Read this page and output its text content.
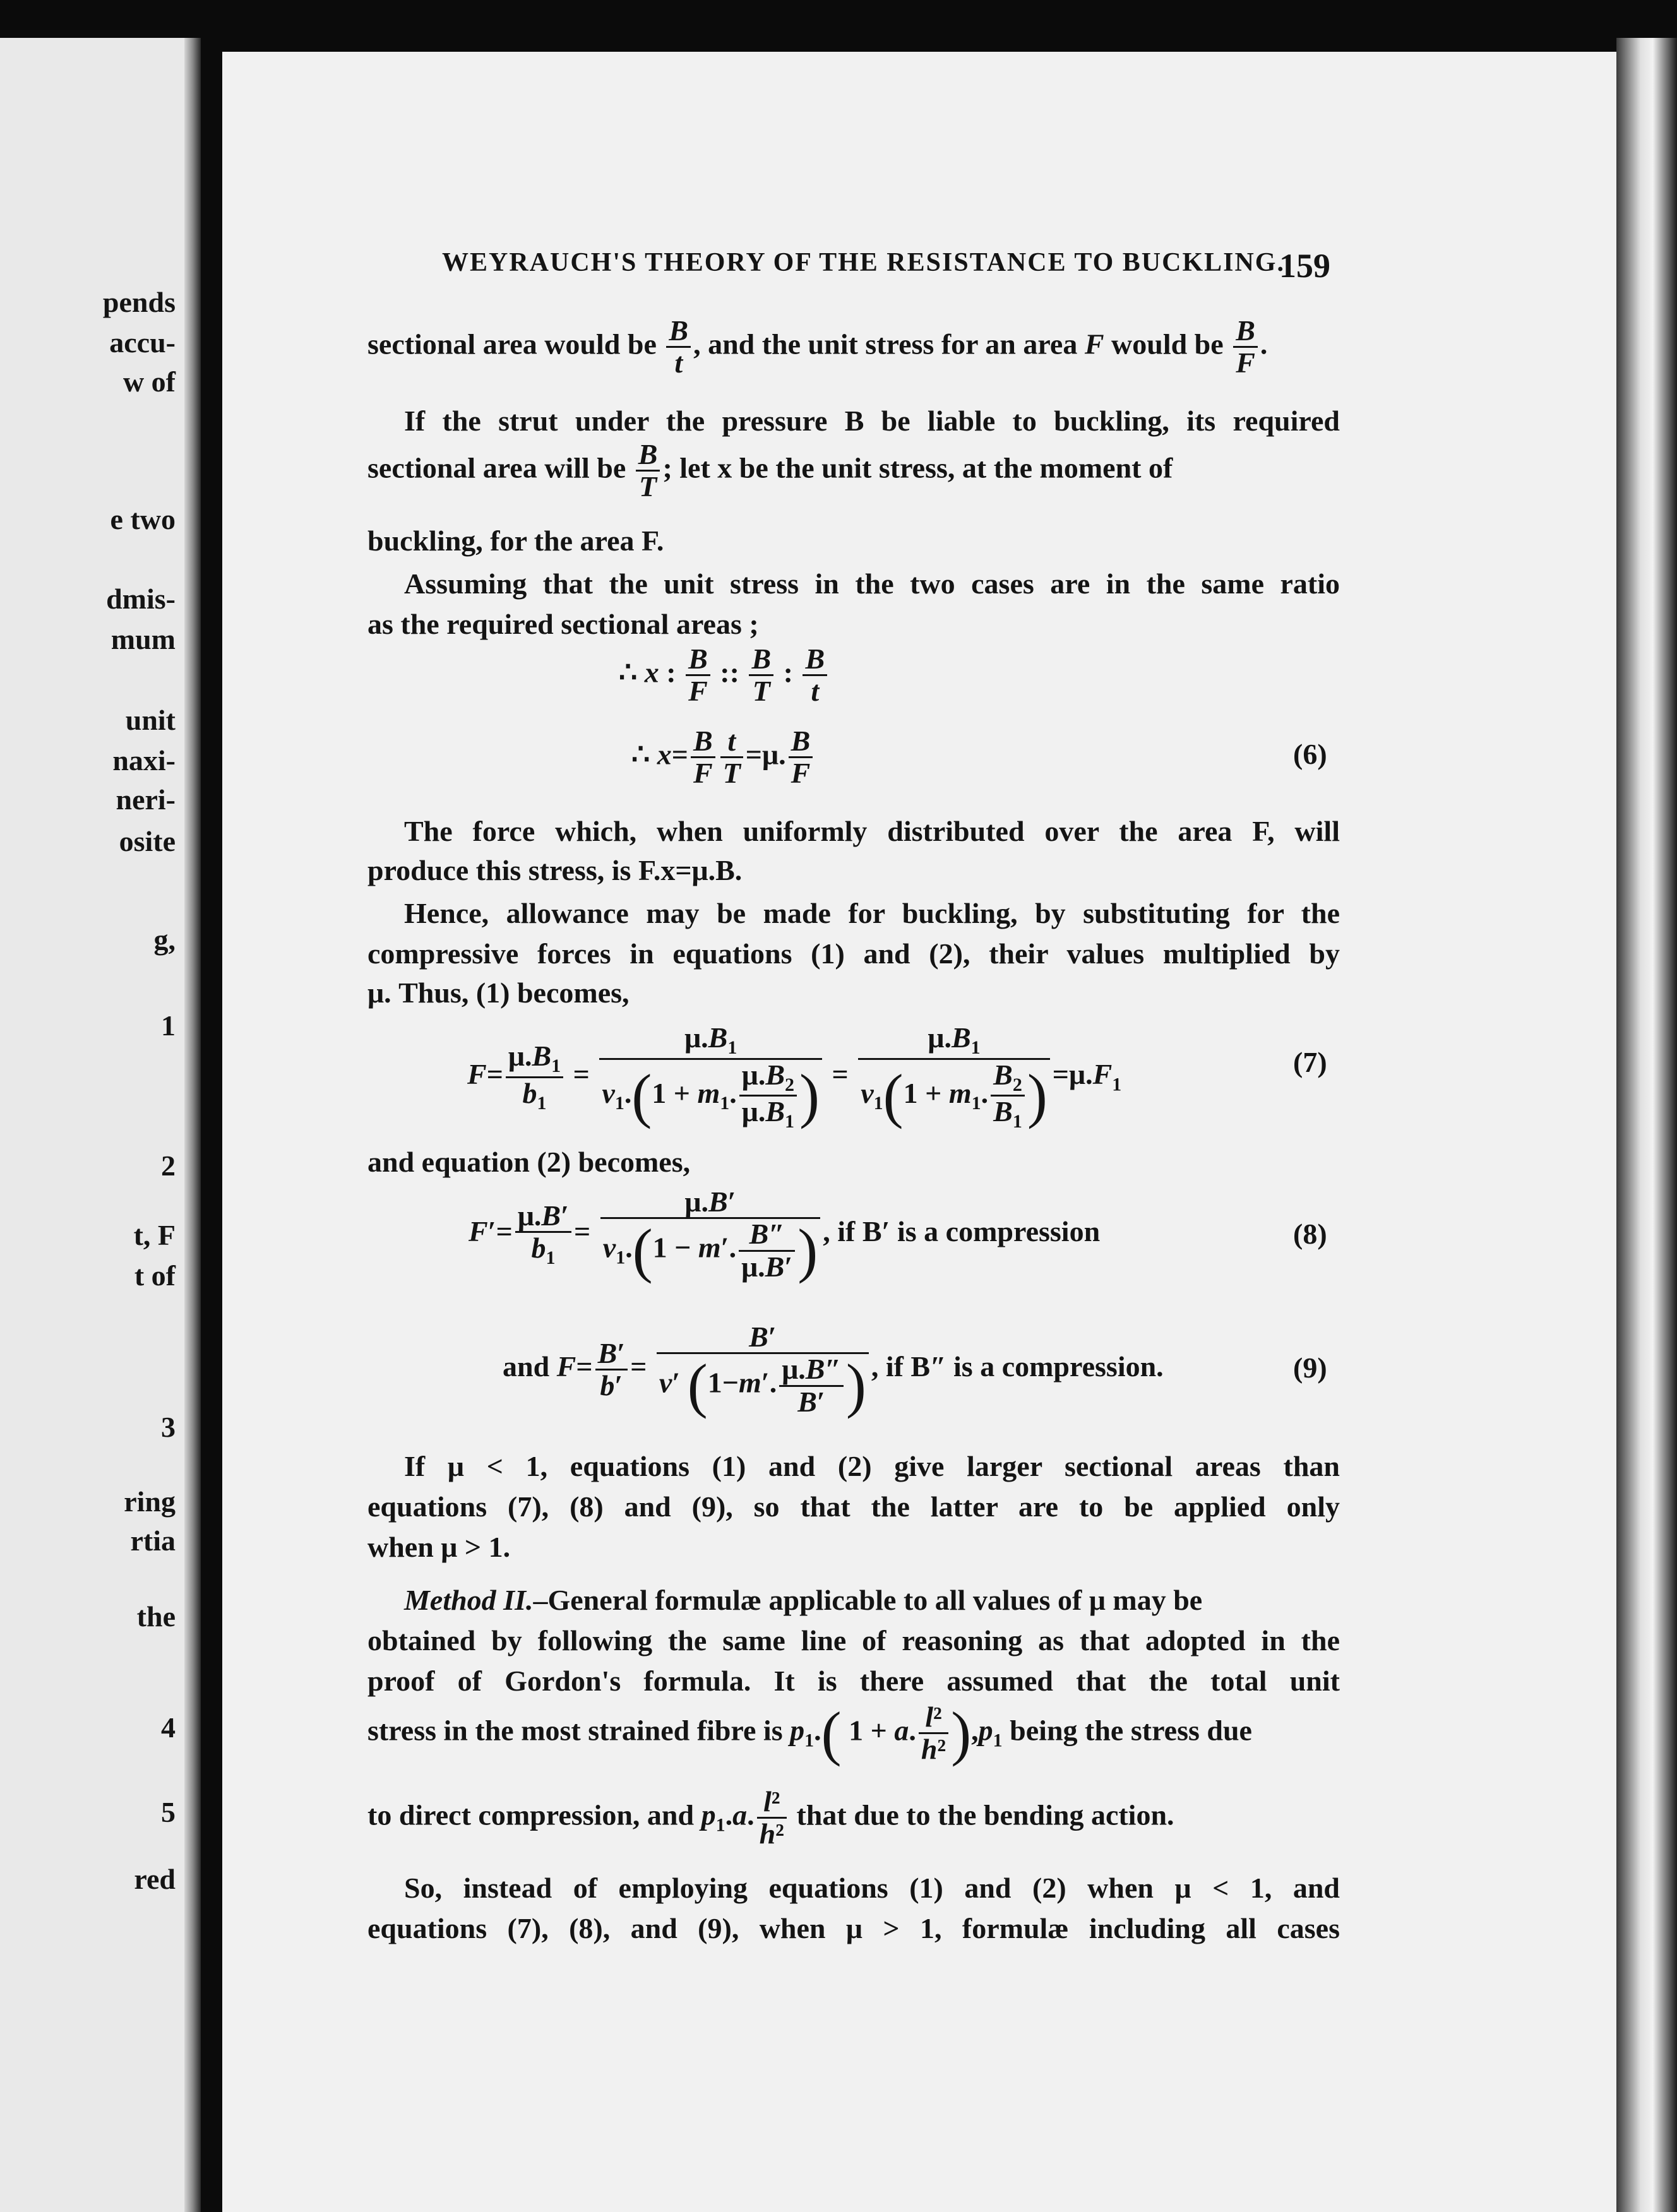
pends
accu-
w of
e two
dmis-
mum
unit
naxi-
neri-
osite
g,
1
2
t, F
t of
3
ring
rtia
the
4
5
red
WEYRAUCH'S THEORY OF THE RESISTANCE TO BUCKLING.
159
sectional area would be $\frac{B}{t}$ , and the unit stress for an area F would be $\frac{B}{F}$ .
If the strut under the pressure B be liable to buckling, its required
sectional area will be $\frac{B}{T}$ ; let x be the unit stress, at the moment of
buckling, for the area F.
Assuming that the unit stress in the two cases are in the same ratio
as the required sectional areas ;
∴ x : $\frac{B}{F}$ :: $\frac{B}{T}$ : $\frac{B}{t}$
∴ $x= \frac{B}{F} \frac{t}{T} =\mu$. $\frac{B}{F}$	(6)
The force which, when uniformly distributed over the area F, will
produce this stress, is F.x=μ.B.
Hence, allowance may be made for buckling, by substituting for the
compressive forces in equations (1) and (2), their values multiplied by
μ. Thus, (1) becomes,
$F= \frac{\mu.B_1}{b_1} = \frac{\mu.B_1}{v_1.(1 + m_1. \frac{\mu.B_2}{\mu.B_1} )} = \frac{\mu.B_1}{v_1(1 + m_1. \frac{B_2}{B_1} )} =\mu.F_1$
(7)
and equation (2) becomes,
$F'= \frac{\mu.B'}{b_1} = \frac{\mu.B'}{v_1.(1 - m'. \frac{B''}{\mu.B'} )}$ , if B′ is a compression	(8)
and $F= \frac{B'}{b'} = \frac{B'}{v' (1-m'. \frac{\mu.B''}{B'} )}$ , if B″ is a compression.	(9)
If μ < 1, equations (1) and (2) give larger sectional areas than
equations (7), (8) and (9), so that the latter are to be applied only
when μ > 1.
Method II.–General formulæ applicable to all values of μ may be
obtained by following the same line of reasoning as that adopted in the
proof of Gordon's formula. It is there assumed that the total unit
stress in the most strained fibre is $p_1$.( 1 + a. $\frac{\text{l²}}{\text{h²}} ),p_1$ being the stress due
to direct compression, and $p_1.a$. $\frac{\text{l²}}{\text{h²}}$ that due to the bending action.
So, instead of employing equations (1) and (2) when μ < 1, and
equations (7), (8), and (9), when μ > 1, formulæ including all cases
